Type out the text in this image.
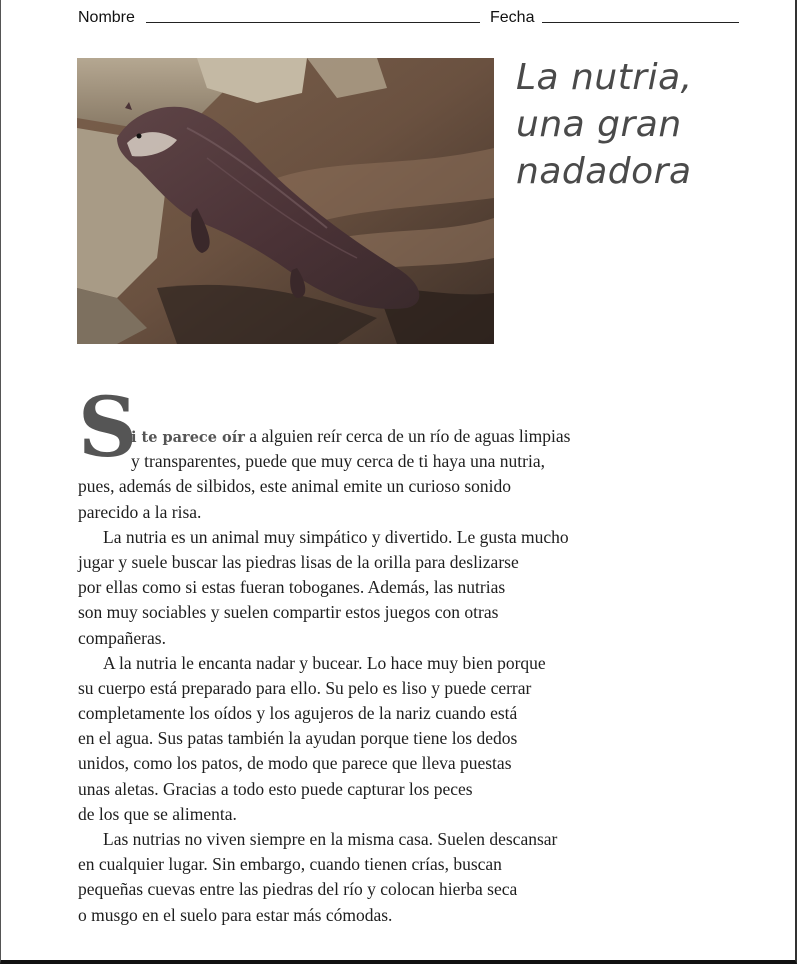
Nombre	Fecha
La nutria,
una gran
nadadora
S
i te parece oír a alguien reír cerca de un río de aguas limpias
y transparentes, puede que muy cerca de ti haya una nutria,
pues, además de silbidos, este animal emite un curioso sonido
parecido a la risa.
La nutria es un animal muy simpático y divertido. Le gusta mucho
jugar y suele buscar las piedras lisas de la orilla para deslizarse
por ellas como si estas fueran toboganes. Además, las nutrias
son muy sociables y suelen compartir estos juegos con otras
compañeras.
A la nutria le encanta nadar y bucear. Lo hace muy bien porque
su cuerpo está preparado para ello. Su pelo es liso y puede cerrar
completamente los oídos y los agujeros de la nariz cuando está
en el agua. Sus patas también la ayudan porque tiene los dedos
unidos, como los patos, de modo que parece que lleva puestas
unas aletas. Gracias a todo esto puede capturar los peces
de los que se alimenta.
Las nutrias no viven siempre en la misma casa. Suelen descansar
en cualquier lugar. Sin embargo, cuando tienen crías, buscan
pequeñas cuevas entre las piedras del río y colocan hierba seca
o musgo en el suelo para estar más cómodas.
